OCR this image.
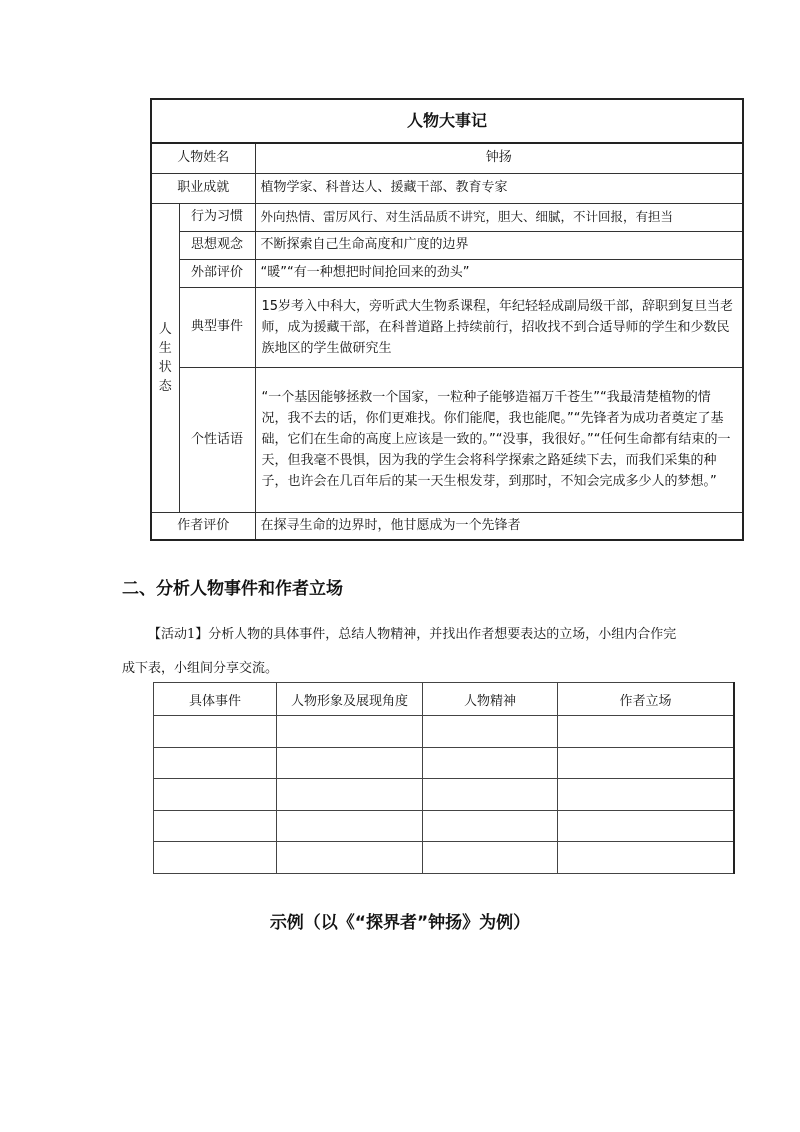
人物大事记		
人物姓名		钟扬
职业成就		植物学家、科普达人、援藏干部、教育专家
人生状态	行为习惯	外向热情、雷厉风行、对生活品质不讲究，胆大、细腻，不计回报，有担当
	思想观念	不断探索自己生命高度和广度的边界
	外部评价	“暖”“有一种想把时间抢回来的劲头”
	典型事件	15岁考入中科大，旁听武大生物系课程，年纪轻轻成副局级干部，辞职到复旦当老师，成为援藏干部，在科普道路上持续前行，招收找不到合适导师的学生和少数民族地区的学生做研究生
	个性话语	“一个基因能够拯救一个国家，一粒种子能够造福万千苍生”“我最清楚植物的情况，我不去的话，你们更难找。你们能爬，我也能爬。”“先锋者为成功者奠定了基础，它们在生命的高度上应该是一致的。”“没事，我很好。”“任何生命都有结束的一天，但我毫不畏惧，因为我的学生会将科学探索之路延续下去，而我们采集的种子，也许会在几百年后的某一天生根发芽，到那时，不知会完成多少人的梦想。”
作者评价		在探寻生命的边界时，他甘愿成为一个先锋者
二、分析人物事件和作者立场

【活动1】分析人物的具体事件，总结人物精神，并找出作者想要表达的立场，小组内合作完成下表，小组间分享交流。

具体事件	人物形象及展现角度	人物精神	作者立场

示例（以《“探界者”钟扬》为例）
